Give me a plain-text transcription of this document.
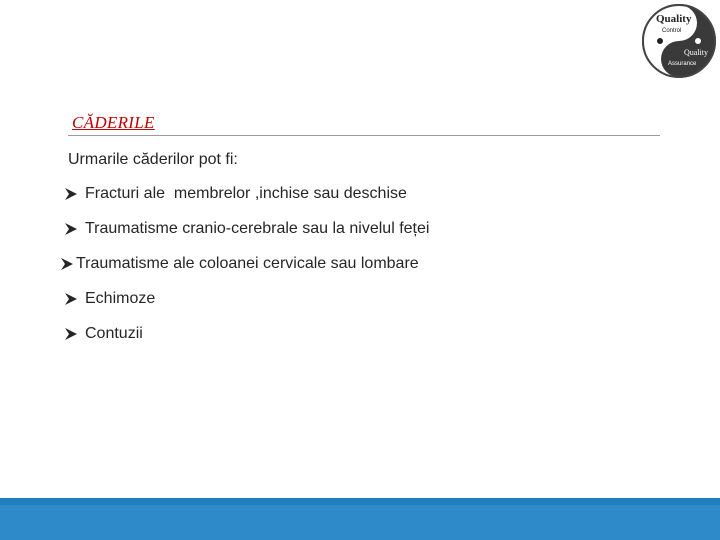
Quality
Control
Quality
Assurance
CĂDERILE
Urmarile căderilor pot fi:
Fracturi ale  membrelor ,inchise sau deschise
Traumatisme cranio-cerebrale sau la nivelul feței
Traumatisme ale coloanei cervicale sau lombare
Echimoze
Contuzii
